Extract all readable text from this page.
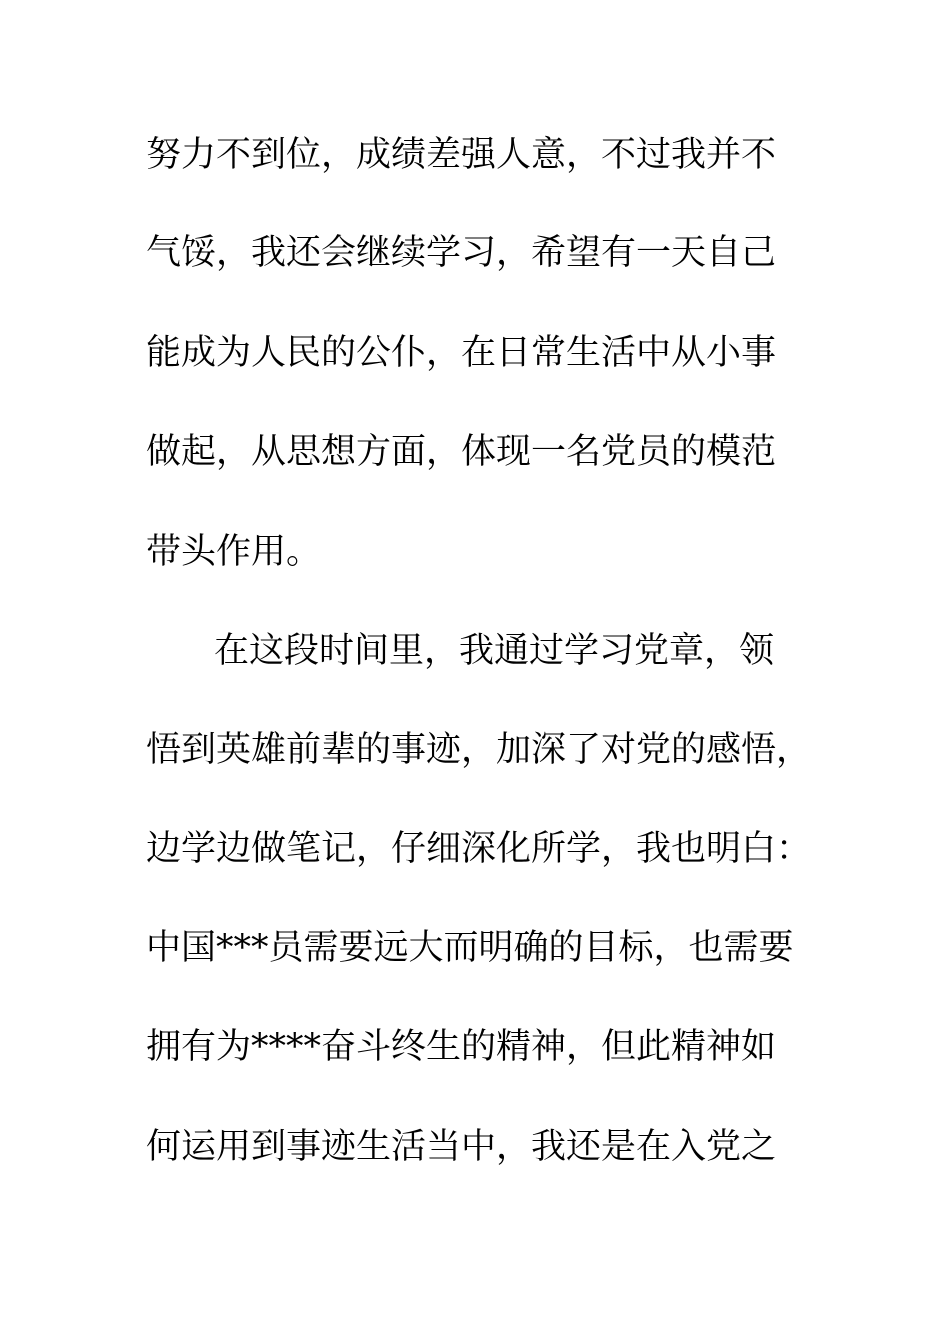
努力不到位，成绩差强人意，不过我并不
气馁，我还会继续学习，希望有一天自己
能成为人民的公仆，在日常生活中从小事
做起，从思想方面，体现一名党员的模范
带头作用。
在这段时间里，我通过学习党章，领
悟到英雄前辈的事迹，加深了对党的感悟，
边学边做笔记，仔细深化所学，我也明白：
中国***员需要远大而明确的目标，也需要
拥有为****奋斗终生的精神，但此精神如
何运用到事迹生活当中，我还是在入党之
